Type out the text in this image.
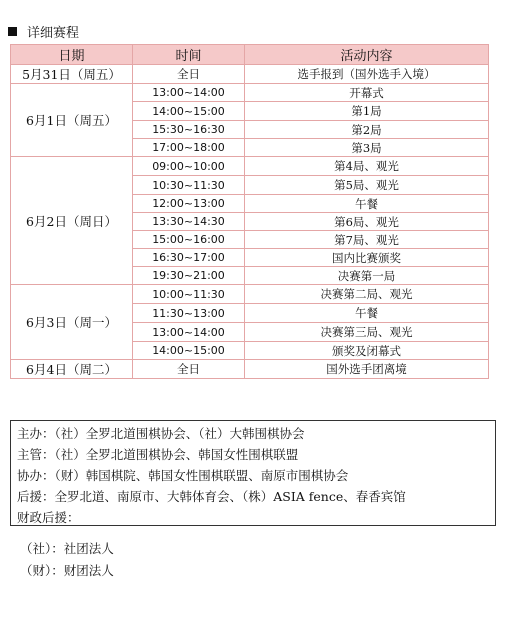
详细赛程
日期	时间	活动内容
5月31日（周五）	全日	选手报到（国外选手入境）
6月1日（周五）	13:00~14:00	开幕式
	14:00~15:00	第1局
	15:30~16:30	第2局
	17:00~18:00	第3局
6月2日（周日）	09:00~10:00	第4局、观光
	10:30~11:30	第5局、观光
	12:00~13:00	午餐
	13:30~14:30	第6局、观光
	15:00~16:00	第7局、观光
	16:30~17:00	国内比赛颁奖
	19:30~21:00	决赛第一局
6月3日（周一）	10:00~11:30	决赛第二局、观光
	11:30~13:00	午餐
	13:00~14:00	决赛第三局、观光
	14:00~15:00	颁奖及闭幕式
6月4日（周二）	全日	国外选手团离境
主办：（社）全罗北道围棋协会、（社）大韩围棋协会
主管：（社）全罗北道围棋协会、韩国女性围棋联盟
协办：（财）韩国棋院、韩国女性围棋联盟、南原市围棋协会
后援：全罗北道、南原市、大韩体育会、（株）ASIA fence、春香宾馆
财政后援：
（社）：社团法人
（财）：财团法人
